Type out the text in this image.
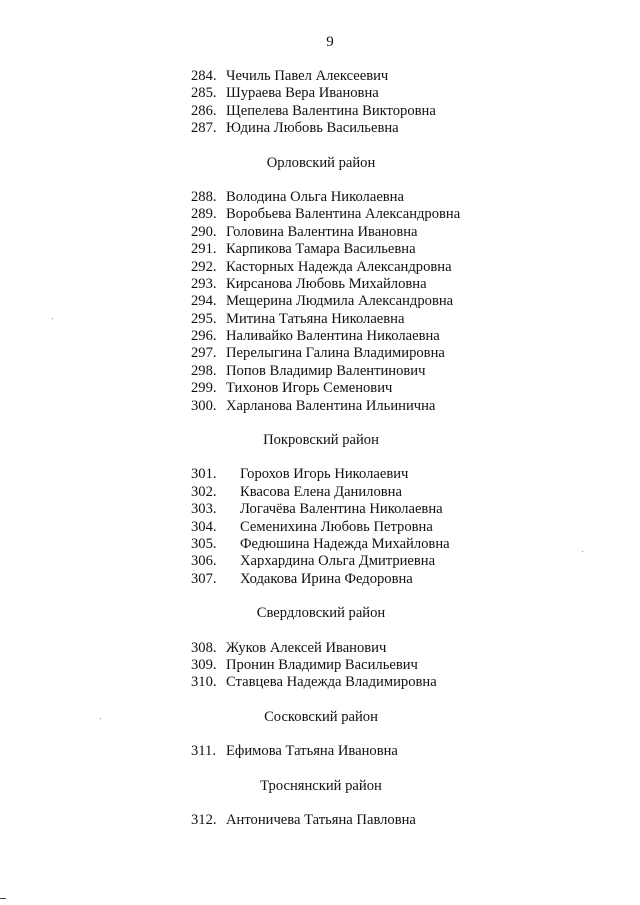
9
284. Чечиль Павел Алексеевич
285. Шураева Вера Ивановна
286. Щепелева Валентина Викторовна
287. Юдина Любовь Васильевна
Орловский район
288. Володина Ольга Николаевна
289. Воробьева Валентина Александровна
290. Головина Валентина Ивановна
291. Карпикова Тамара Васильевна
292. Касторных Надежда Александровна
293. Кирсанова Любовь Михайловна
294. Мещерина Людмила Александровна
295. Митина Татьяна Николаевна
296. Наливайко Валентина Николаевна
297. Перелыгина Галина Владимировна
298. Попов Владимир Валентинович
299. Тихонов Игорь Семенович
300. Харланова Валентина Ильинична
Покровский район
301.	Горохов Игорь Николаевич
302.	Квасова Елена Даниловна
303.	Логачёва Валентина Николаевна
304.	Семенихина Любовь Петровна
305.	Федюшина Надежда Михайловна
306.	Хархардина Ольга Дмитриевна
307.	Ходакова Ирина Федоровна
Свердловский район
308. Жуков Алексей Иванович
309. Пронин Владимир Васильевич
310. Ставцева Надежда Владимировна
Сосковский район
311. Ефимова Татьяна Ивановна
Троснянский район
312. Антоничева Татьяна Павловна
